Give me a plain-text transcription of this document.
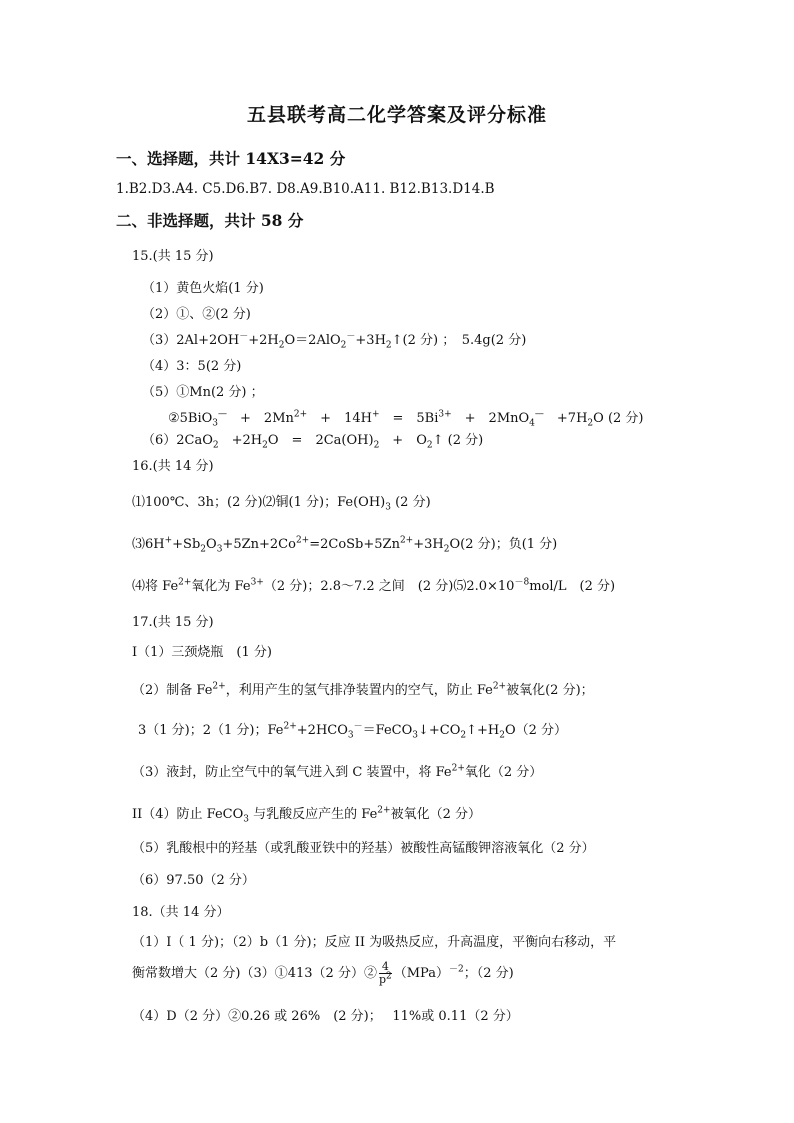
五县联考高二化学答案及评分标准
一、选择题，共计 14X3=42 分
1.B2.D3.A4. C5.D6.B7. D8.A9.B10.A11. B12.B13.D14.B
二、非选择题，共计 58 分
15.(共 15 分)
（1）黄色火焰(1 分)
（2）①、②(2 分)
$(3)2Al+2OH^-+2H_2O=2AlO_2^-+3H_2↑(2$ 分) ；　5.4g(2 分)
（4）3：5(2 分)
（5）①Mn(2 分) ；
②5BiO$_3$—　+　$2Mn^{2+}$　+　14H+　=　$5Bi^{3+}$　+　2MnO$_4$—　$+7H_2O$ (2 分)
（6）2CaO$_2$　$+2H_2O$　=　$2Ca(OH)_2$　+　$O_2↑$ (2 分)
16.(共 14 分)
⑴100℃、3h；(2 分)⑵铜(1 分)；$Fe(OH)_3$ (2 分)
$⑶6H^++Sb_2O_3+5Zn+2Co^{2+}=2CoSb+5Zn^{2+}+3H_2O(2$ 分)；负(1 分)
⑷将 $Fe^{2+}$氧化为 $Fe^{3+}(2$ 分)；2.8～7.2 之间　(2 分)$⑸2.0\times 10^{-8}mol/L$　(2 分)
17.(共 15 分)
I（1）三颈烧瓶　(1 分)
（2）制备 $Fe^{2+}$，利用产生的氢气排净装置内的空气，防止 $Fe^{2+}$被氧化(2 分)；
3（1 分)；2（1 分)；$Fe^{2+}+2HCO_3^-=FeCO_3↓+CO_2↑+H_2O(2$ 分）
（3）液封，防止空气中的氧气进入到 C 装置中，将 $Fe^{2+}$氧化（2 分）
II（4）防止 FeCO$_3$ 与乳酸反应产生的 $Fe^{2+}$被氧化（2 分）
（5）乳酸根中的羟基（或乳酸亚铁中的羟基）被酸性高锰酸钾溶液氧化（2 分）
（6）97.50（2 分）
18.（共 14 分）
（1）I（ 1 分)；（2）b（1 分)；反应 II 为吸热反应，升高温度，平衡向右移动，平
衡常数增大（2 分)（3）①413（2 分）② $\frac{4}{p^2} (MPa)^{-2}$；（2 分)
（4）D（2 分）②0.26 或 26%　(2 分)；　 11%或 0.11（2 分）
